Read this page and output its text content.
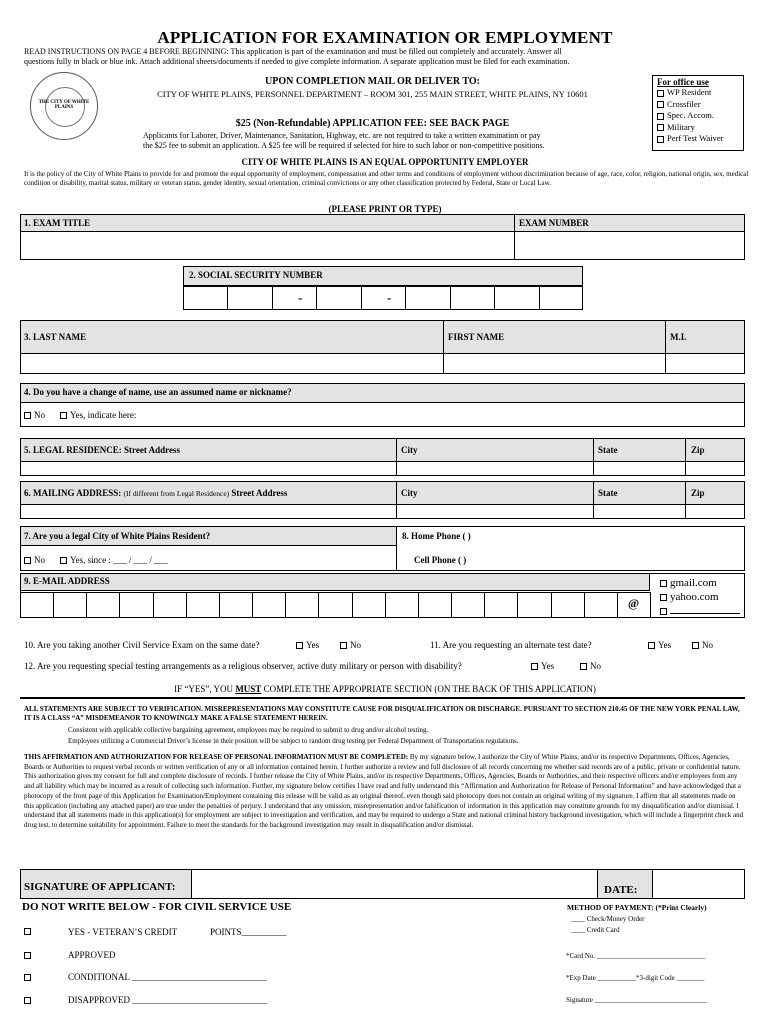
APPLICATION FOR EXAMINATION OR EMPLOYMENT
READ INSTRUCTIONS ON PAGE 4 BEFORE BEGINNING: This application is part of the examination and must be filled out completely and accurately. Answer all
questions fully in black or blue ink. Attach additional sheets/documents if needed to give complete information. A separate application must be filed for each examination.
THE CITY OF WHITE PLAINS
UPON COMPLETION MAIL OR DELIVER TO:
CITY OF WHITE PLAINS, PERSONNEL DEPARTMENT – ROOM 301, 255 MAIN STREET, WHITE PLAINS, NY 10601
$25 (Non-Refundable) APPLICATION FEE: SEE BACK PAGE
Applicants for Laborer, Driver, Maintenance, Sanitation, Highway, etc. are not required to take a written examination or pay
the $25 fee to submit an application. A $25 fee will be required if selected for hire to such labor or non-competitive positions.
For office use
WP Resident
Crossfiler
Spec. Accom.
Military
Perf Test Waiver
CITY OF WHITE PLAINS IS AN EQUAL OPPORTUNITY EMPLOYER
It is the policy of the City of White Plains to provide for and promote the equal opportunity of employment, compensation and other terms and conditions of employment without discrimination because of age, race, color, religion, national origin, sex, medical condition or disability, marital status, military or veteran status, gender identity, sexual orientation, criminal convictions or any other classification protected by Federal, State or Local Law.
(PLEASE PRINT OR TYPE)
1. EXAM TITLE	EXAM NUMBER
2. SOCIAL SECURITY NUMBER
-	-
3. LAST NAME	FIRST NAME	M.I.
4. Do you have a change of name, use an assumed name or nickname?
No	Yes, indicate here:
5. LEGAL RESIDENCE: Street Address	City	State	Zip
6. MAILING ADDRESS: (If different from Legal Residence) Street Address	City	State	Zip
7. Are you a legal City of White Plains Resident?
No	Yes, since : ___ / ___ / ___
8. Home Phone ( )
Cell Phone ( )
9. E-MAIL ADDRESS
@
gmail.com
yahoo.com
10. Are you taking another Civil Service Exam on the same date?	Yes	No	11. Are you requesting an alternate test date?	Yes	No
12. Are you requesting special testing arrangements as a religious observer, active duty military or person with disability?	Yes	No
IF “YES”, YOU MUST COMPLETE THE APPROPRIATE SECTION (ON THE BACK OF THIS APPLICATION)
ALL STATEMENTS ARE SUBJECT TO VERIFICATION. MISREPRESENTATIONS MAY CONSTITUTE CAUSE FOR DISQUALIFICATION OR DISCHARGE. PURSUANT TO SECTION 210.45 OF THE NEW YORK PENAL LAW, IT IS A CLASS “A” MISDEMEANOR TO KNOWINGLY MAKE A FALSE STATEMENT HEREIN.
Consistent with applicable collective bargaining agreement, employees may be required to submit to drug and/or alcohol testing.
Employees utilizing a Commercial Driver’s license in their position will be subject to random drug testing per Federal Department of Transportation regulations.
THIS AFFIRMATION AND AUTHORIZATION FOR RELEASE OF PERSONAL INFORMATION MUST BE COMPLETED: By my signature below, I authorize the City of White Plains, and/or its respective Departments, Offices, Agencies, Boards or Authorities to request verbal records or written verification of any or all information contained herein. I further authorize a review and full disclosure of all records concerning me whether said records are of a public, private or confidential nature. This authorization gives my consent for full and complete disclosure of records. I further release the City of White Plains, and/or its respective Departments, Offices, Agencies, Boards or Authorities, and their respective officers and/or employees from any and all liability which may be incurred as a result of collecting such information. Further, my signature below certifies I have read and fully understand this “Affirmation and Authorization for Release of Personal Information” and have acknowledged that a photocopy of the front page of this Application for Examination/Employment containing this release will be valid as an original thereof, even though said photocopy does not contain an original writing of my signature. I affirm that all statements made on this application (including any attached paper) are true under the penalties of perjury. I understand that any omission, misrepresentation and/or falsification of information in this application may constitute grounds for my disqualification and/or dismissal. I understand that all statements made in this application(s) for employment are subject to investigation and verification, and may be required to undergo a State and national criminal history background investigation, which will include a fingerprint check and drug test, to determine suitability for appointment. Failure to meet the standards for the background investigation may result in disqualification and/or dismissal.
SIGNATURE OF APPLICANT:	DATE:
DO NOT WRITE BELOW - FOR CIVIL SERVICE USE
YES - VETERAN’S CREDIT	POINTS__________
APPROVED
CONDITIONAL ______________________________
DISAPPROVED ______________________________
METHOD OF PAYMENT: (*Print Clearly)
____ Check/Money Order
____ Credit Card
*Card No. _______________________________
*Exp Date ___________*3-digit Code ________
Signature ________________________________
